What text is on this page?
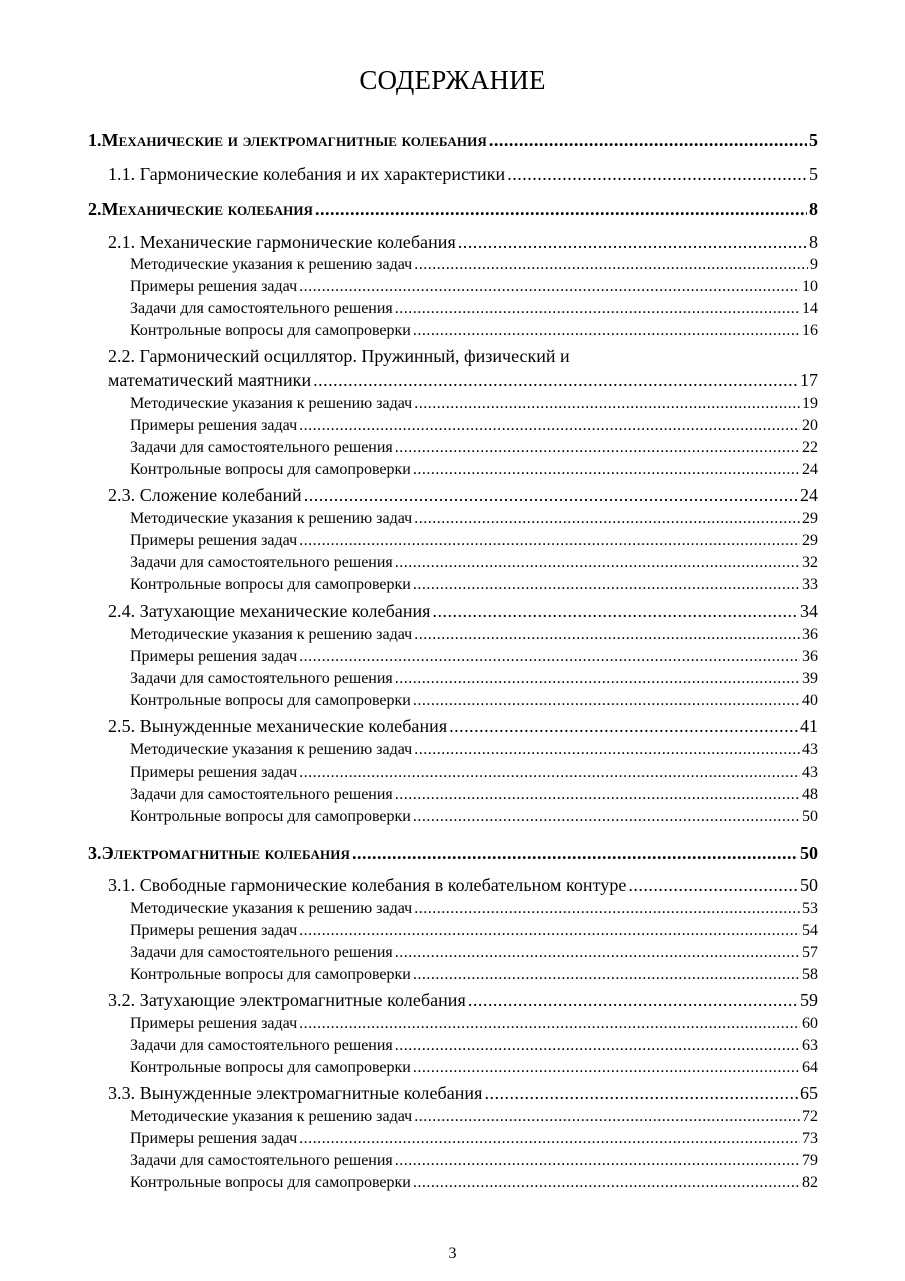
СОДЕРЖАНИЕ
1. Механические и электромагнитные колебания .....	5
1.1. Гармонические колебания и их характеристики .....	5
2. Механические колебания .....	8
2.1. Механические гармонические колебания .....	8
Методические указания к решению задач .....	9
Примеры решения задач .....	10
Задачи для самостоятельного решения .....	14
Контрольные вопросы для самопроверки .....	16
2.2. Гармонический осциллятор. Пружинный, физический и
математический маятники .....	17
Методические указания к решению задач .....	19
Примеры решения задач .....	20
Задачи для самостоятельного решения .....	22
Контрольные вопросы для самопроверки .....	24
2.3. Сложение колебаний .....	24
Методические указания к решению задач .....	29
Примеры решения задач .....	29
Задачи для самостоятельного решения .....	32
Контрольные вопросы для самопроверки .....	33
2.4. Затухающие механические колебания .....	34
Методические указания к решению задач .....	36
Примеры решения задач .....	36
Задачи для самостоятельного решения .....	39
Контрольные вопросы для самопроверки .....	40
2.5. Вынужденные механические колебания .....	41
Методические указания к решению задач .....	43
Примеры решения задач .....	43
Задачи для самостоятельного решения .....	48
Контрольные вопросы для самопроверки .....	50
3. Электромагнитные колебания .....	50
3.1. Свободные гармонические колебания в колебательном контуре .....	50
Методические указания к решению задач .....	53
Примеры решения задач .....	54
Задачи для самостоятельного решения .....	57
Контрольные вопросы для самопроверки .....	58
3.2. Затухающие электромагнитные колебания .....	59
Примеры решения задач .....	60
Задачи для самостоятельного решения .....	63
Контрольные вопросы для самопроверки .....	64
3.3. Вынужденные электромагнитные колебания .....	65
Методические указания к решению задач .....	72
Примеры решения задач .....	73
Задачи для самостоятельного решения .....	79
Контрольные вопросы для самопроверки .....	82
3
